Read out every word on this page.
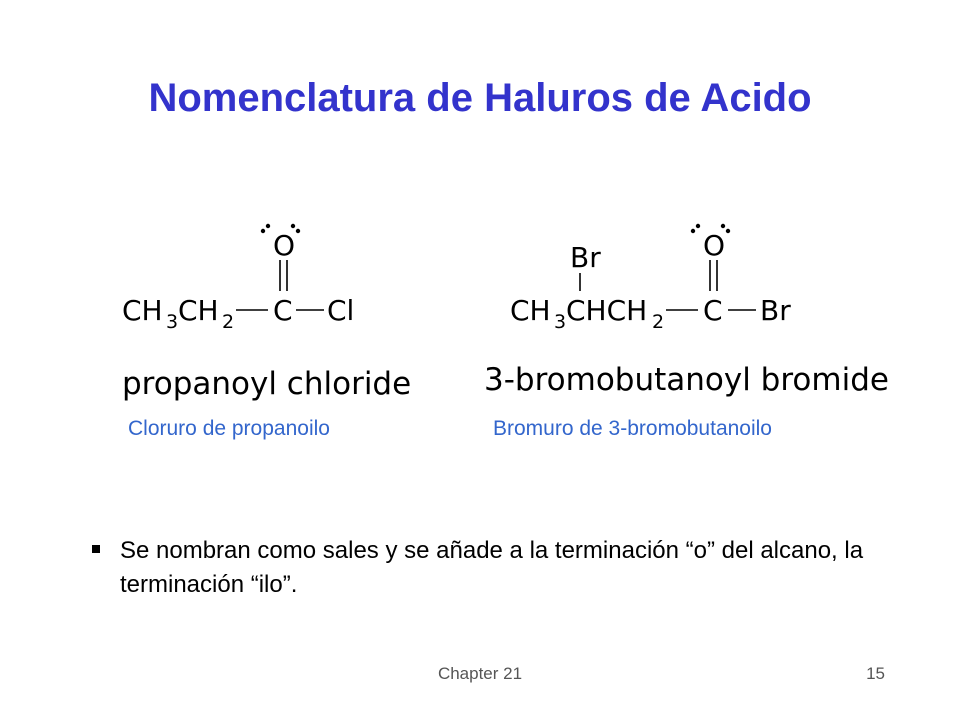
Nomenclatura de Haluros de Acido
O
CH 3 CH 2 C Cl
Br	O
CH 3 CHCH 2 C Br
propanoyl chloride 3-bromobutanoyl bromide
Cloruro de propanoilo	Bromuro de 3-bromobutanoilo
Se nombran como sales y se añade a la terminación “o” del alcano, la terminación “ilo”.
Chapter 21	15
